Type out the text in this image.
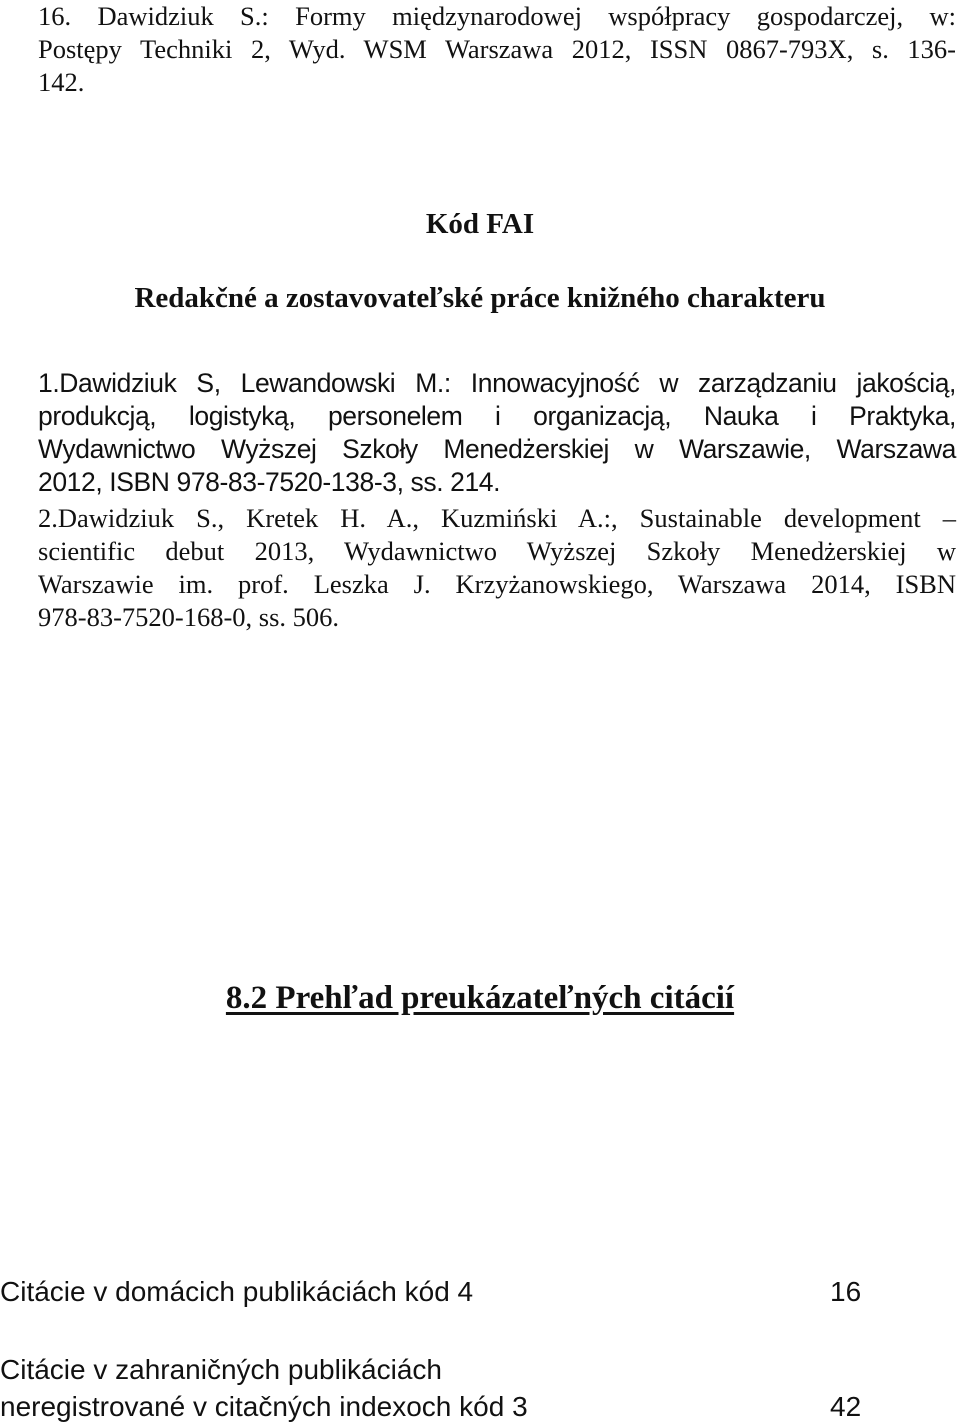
16. Dawidziuk S.: Formy międzynarodowej współpracy gospodarczej, w:
Postępy Techniki 2, Wyd. WSM Warszawa 2012, ISSN 0867-793X, s. 136-
142.

Kód FAI
Redakčné a zostavovateľské práce knižného charakteru

1.Dawidziuk S, Lewandowski M.: Innowacyjność w zarządzaniu jakością,
produkcją, logistyką, personelem i organizacją, Nauka i Praktyka,
Wydawnictwo Wyższej Szkoły Menedżerskiej w Warszawie, Warszawa
2012, ISBN 978-83-7520-138-3, ss. 214.

2.Dawidziuk S., Kretek H. A., Kuzmiński A.:, Sustainable development –
scientific debut 2013, Wydawnictwo Wyższej Szkoły Menedżerskiej w
Warszawie im. prof. Leszka J. Krzyżanowskiego, Warszawa 2014, ISBN
978-83-7520-168-0, ss. 506.

8.2 Prehľad preukázateľných citácií
Citácie v domácich publikáciách kód 4	16
Citácie v zahraničných publikáciách
neregistrované v citačných indexoch kód 3	42
